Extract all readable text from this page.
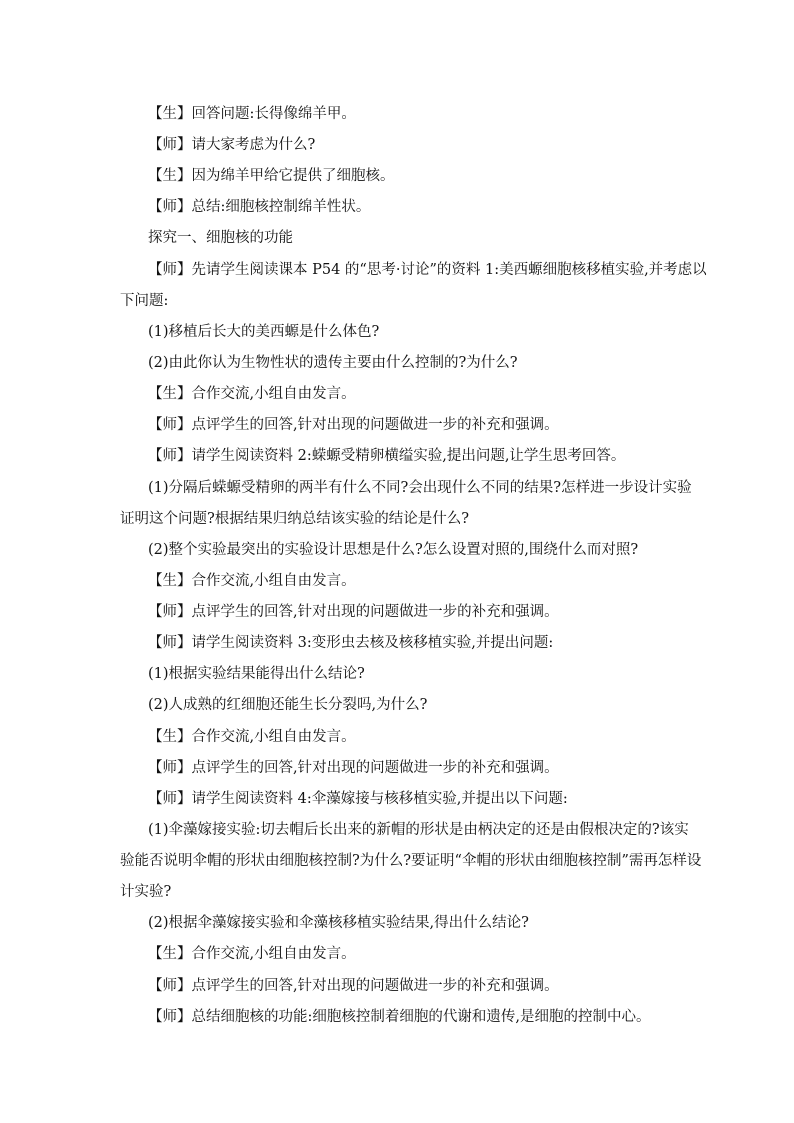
【生】回答问题:长得像绵羊甲。
【师】请大家考虑为什么?
【生】因为绵羊甲给它提供了细胞核。
【师】总结:细胞核控制绵羊性状。
探究一、细胞核的功能
【师】先请学生阅读课本 P54 的“思考·讨论”的资料 1:美西螈细胞核移植实验,并考虑以
下问题:
(1)移植后长大的美西螈是什么体色?
(2)由此你认为生物性状的遗传主要由什么控制的?为什么?
【生】合作交流,小组自由发言。
【师】点评学生的回答,针对出现的问题做进一步的补充和强调。
【师】请学生阅读资料 2:蝾螈受精卵横缢实验,提出问题,让学生思考回答。
(1)分隔后蝾螈受精卵的两半有什么不同?会出现什么不同的结果?怎样进一步设计实验
证明这个问题?根据结果归纳总结该实验的结论是什么?
(2)整个实验最突出的实验设计思想是什么?怎么设置对照的,围绕什么而对照?
【生】合作交流,小组自由发言。
【师】点评学生的回答,针对出现的问题做进一步的补充和强调。
【师】请学生阅读资料 3:变形虫去核及核移植实验,并提出问题:
(1)根据实验结果能得出什么结论?
(2)人成熟的红细胞还能生长分裂吗,为什么?
【生】合作交流,小组自由发言。
【师】点评学生的回答,针对出现的问题做进一步的补充和强调。
【师】请学生阅读资料 4:伞藻嫁接与核移植实验,并提出以下问题:
(1)伞藻嫁接实验:切去帽后长出来的新帽的形状是由柄决定的还是由假根决定的?该实
验能否说明伞帽的形状由细胞核控制?为什么?要证明“伞帽的形状由细胞核控制”需再怎样设
计实验?
(2)根据伞藻嫁接实验和伞藻核移植实验结果,得出什么结论?
【生】合作交流,小组自由发言。
【师】点评学生的回答,针对出现的问题做进一步的补充和强调。
【师】总结细胞核的功能:细胞核控制着细胞的代谢和遗传,是细胞的控制中心。
